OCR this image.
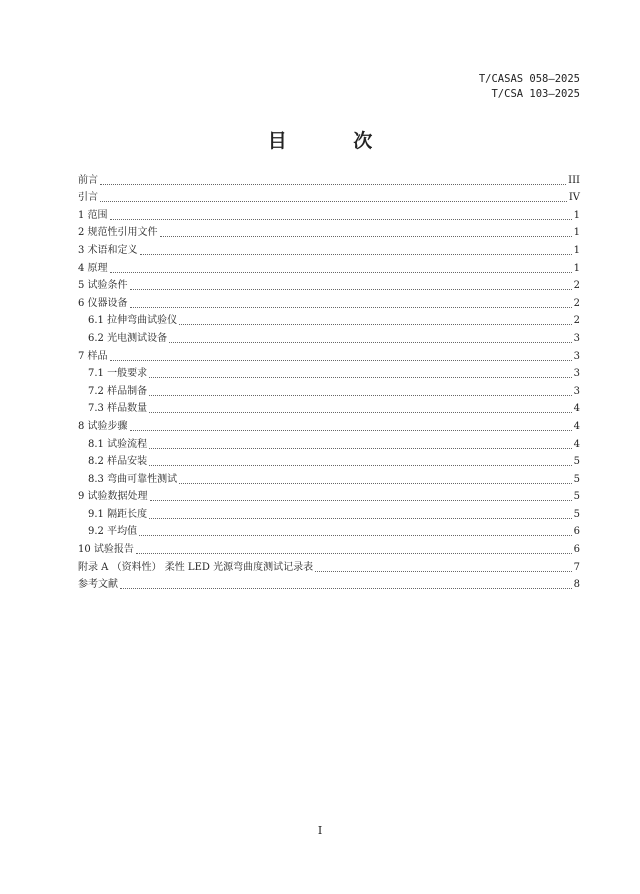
T/CASAS 058—2025
T/CSA 103—2025
目 次
前言	III
引言	IV
1 范围	1
2 规范性引用文件	1
3 术语和定义	1
4 原理	1
5 试验条件	2
6 仪器设备	2
6.1 拉伸弯曲试验仪	2
6.2 光电测试设备	3
7 样品	3
7.1 一般要求	3
7.2 样品制备	3
7.3 样品数量	4
8 试验步骤	4
8.1 试验流程	4
8.2 样品安装	5
8.3 弯曲可靠性测试	5
9 试验数据处理	5
9.1 隔距长度	5
9.2 平均值	6
10 试验报告	6
附录 A （资料性） 柔性 LED 光源弯曲度测试记录表	7
参考文献	8
I
